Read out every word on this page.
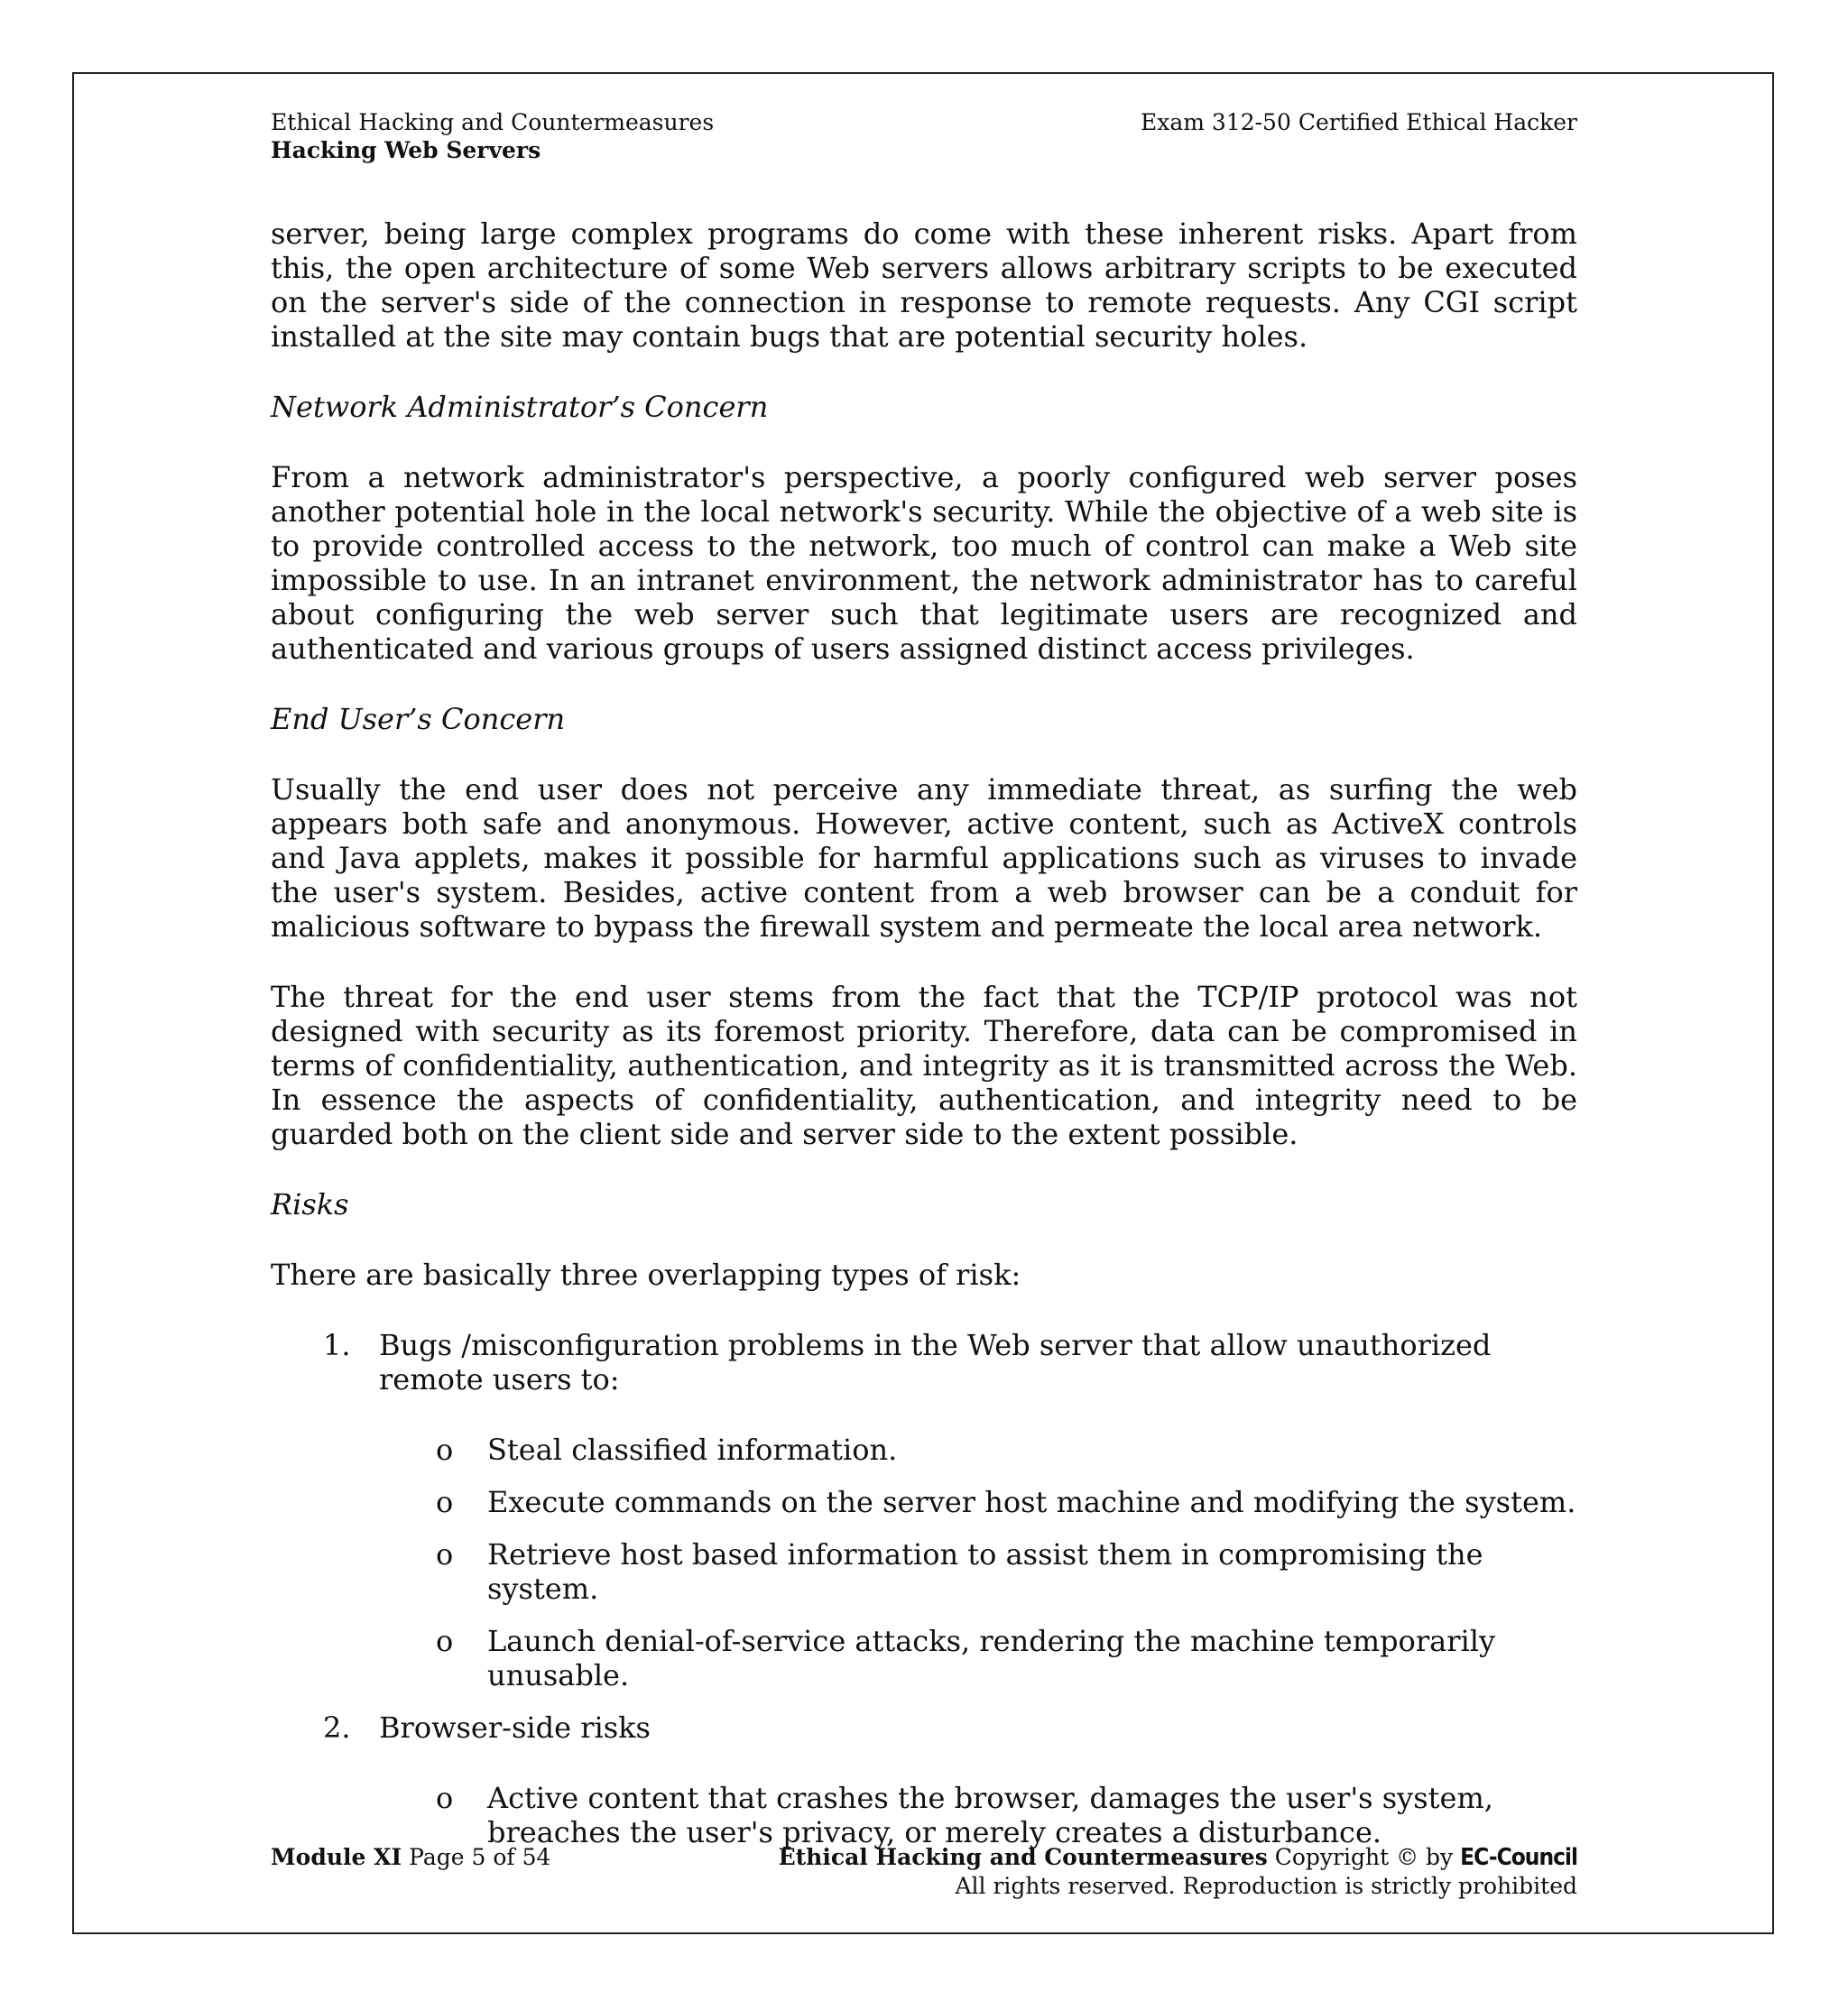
Ethical Hacking and Countermeasures	Exam 312-50 Certified Ethical Hacker
Hacking Web Servers

server, being large complex programs do come with these inherent risks. Apart from this, the open architecture of some Web servers allows arbitrary scripts to be executed on the server's side of the connection in response to remote requests. Any CGI script installed at the site may contain bugs that are potential security holes.

Network Administrator’s Concern

From a network administrator's perspective, a poorly configured web server poses another potential hole in the local network's security. While the objective of a web site is to provide controlled access to the network, too much of control can make a Web site impossible to use. In an intranet environment, the network administrator has to careful about configuring the web server such that legitimate users are recognized and authenticated and various groups of users assigned distinct access privileges.

End User’s Concern

Usually the end user does not perceive any immediate threat, as surfing the web appears both safe and anonymous. However, active content, such as ActiveX controls and Java applets, makes it possible for harmful applications such as viruses to invade the user's system. Besides, active content from a web browser can be a conduit for malicious software to bypass the firewall system and permeate the local area network.

The threat for the end user stems from the fact that the TCP/IP protocol was not designed with security as its foremost priority. Therefore, data can be compromised in terms of confidentiality, authentication, and integrity as it is transmitted across the Web. In essence the aspects of confidentiality, authentication, and integrity need to be guarded both on the client side and server side to the extent possible.

Risks

There are basically three overlapping types of risk:

1. Bugs /misconfiguration problems in the Web server that allow unauthorized remote users to:
o	Steal classified information.
o	Execute commands on the server host machine and modifying the system.
o	Retrieve host based information to assist them in compromising the system.
o	Launch denial-of-service attacks, rendering the machine temporarily unusable.
2. Browser-side risks
o	Active content that crashes the browser, damages the user's system, breaches the user's privacy, or merely creates a disturbance.
Module XI Page 5 of 54	Ethical Hacking and Countermeasures Copyright © by EC-Council
All rights reserved. Reproduction is strictly prohibited
